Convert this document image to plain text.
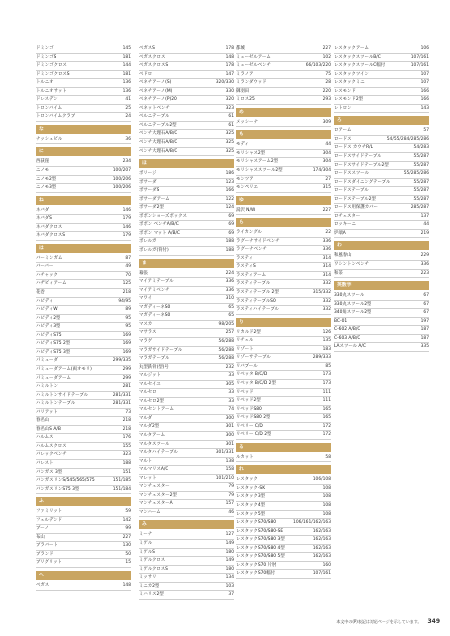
ドミンゴ	145
ドミンゴS	181
ドミンゴクロス	144
ドミンゴクロスS	181
トルニオ	136
トルニオサット	136
ドレスデン	41
トロンバイム	25
トロンバイムクラブ	24
な
ナッシュビル	36
に
西荻窪	234
ニノモ	100/207
ニノモ2型	100/206
ニノモ3型	100/206
ね
ネバダ	146
ネバダS	179
ネバダクロス	146
ネバダクロスS	179
は
バーミンガム	87
バーバー	49
ハチャック	70
ハヂビィアーム	125
花巻	218
ハピディ	94/95
ハピディW	89
ハピディ2型	95
ハピディ3型	95
ハピディS75	169
ハピディS75 2型	169
ハピディS75 3型	169
パミューダ	299/335
パミューダアーム(両オモリ)	299
パミューダアーム	299
ハミルトン	281
ハミルトンサイドテーブル	281/331
ハミルトンテーブル	281/331
バリアット	73
春名山	218
春名山S A/B	218
ハルムス	176
ハルムスクロス	155
バレックベンチ	323
バレスト	188
バンガス 3型	151
バンガスリンS/545/565/575	151/185
バンガスリンS75 3型	151/184
ふ
ファミリット	59
フェルデンド	142
ブーノ	99
布山	227
ブラバート	130
ブランド	50
ブリグリット	15
へ
ベガス	148
ベガスS	178
ベガスクロス	148
ベガスクロスS	178
ベドロ	147
ベネチアーノ(S)	320/330
ベネチアーノ(M)	330
ベネチアーノ(P)20	320
ベネットベンチ	323
ベルニテーブル	61
ベルニテーブル2型	61
ベンチ大理石A/B/C	325
ベンチ大理石A/B/C	325
ベンチ大理石A/B/C	325
ほ
ボリージ	186
ボサーダ	123
ボサーダS	166
ボサーダアーム	122
ボサーダ2型	124
ボボンショーズボックス	69
ボボン ベンチA/B/C	69
ボボン マット A/B/C	69
ボレルガ	188
ボレルガ(背付)	188
ま
幕張	224
マイアミテーブル	336
マイアミベンチ	336
マワイ	310
マガディーネS0	65
マガディーネS0	65
マスカ	98/205
マサラス	257
マラゲ	56/288
マラガサイドテーブル	56/288
マラガテーブル	56/288
丸型鉄骨(型)号	232
マルジット	33
マルセイユ	305
マルセロ	33
マルセロ2型	33
マルセントアーム	74
マルダ	300
マルダ2型	301
マルタアーム	300
マルタスツール	301
マルタハイテーブル	301/331
マルト	138
マルマリスA/C	158
マレット	101/210
マンチェスター	79
マンチェスター2型	79
マンチェスターA	157
マンハーム	46
み
ミーナ	127
ミゲル	149
ミゲルS	180
ミゲルクロス	149
ミゲルクロスS	180
ミッサリ	134
ミニカ2型	103
ミハリス2型	37
都城	227
ミューゼルアーム	102
ミューゼルベンチ	66/103/220
ミラノア	75
ミランダウッド	28
御羽田	220
ミロス25	293
め
メッシーナ	309
も
モディ	44
モリシャス2型	304
モリシャスアーム2型	304
モリシャススツール2型	174/304
モンツア	27
モンペリエ	315
ゆ
湯沢 N/W	227
ら
ライカングル	22
ラグーナサイドベンチ	336
ラグーナベンチ	336
ラスティ	314
ラスティS	314
ラスティアーム	314
ラスティテーブル	332
ラスティテーブル 2型	315/332
ラスティテーブルS0	332
ラスティハイテーブル	332
り
リカルド2型	126
リチェル	135
リゾート	183
リゾーサテーブル	289/333
リバブール	85
リベッタ B/C/D	173
リベッタ B/C/D 2型	173
リベッド	111
リベッド2型	111
リベッドS80	165
リベッドS80 2型	165
リベリー C/D	172
リベリー C/D 2型	172
る
ルカット	58
れ
レスタック	106/108
レスタック-SK	108
レスタック3型	108
レスタック4型	108
レスタック5型	108
レスタックS70/S80	106/161/162/163
レスタックS70/S80-SE	162/163
レスタックS70/S80 3型	162/163
レスタックS70/S80 4型	162/163
レスタックS70/S80 5型	162/163
レスタックS70 片肘	160
レスタックS70幅付	107/161
レスタックアーム	106
レスタックスツールB/C	107/161
レスタックスツールC幅付	107/161
レスタックツイン	107
レスタックミニ	107
レスモンド	166
レスモンド2型	166
レトロン	143
ろ
ロアーム	57
ロードス	54/55/284/285/286
ロードス カウチR/L	54/283
ロードスサイドテーブル	55/287
ロードスサイドテーブル2型	55/287
ロードススツール	55/285/286
ロードスダイニングテーブル	55/287
ロードステーブル	55/287
ロードステーブル2型	55/287
ロードス用保護カバー	285/287
ロチェスター	137
ロッキーニ	44
炉端A	219
わ
和風春山	229
ワシントンベンチ	336
和茶	223
英数字
330丸スツール	67
330丸スツール2型	67
340角スツール2型	67
BC-01	197
C-602 A/B/C	187
C-603 A/B/C	187
LAスツール A/C	335
本文中の(P)表記は対応ページを示しています。 349
